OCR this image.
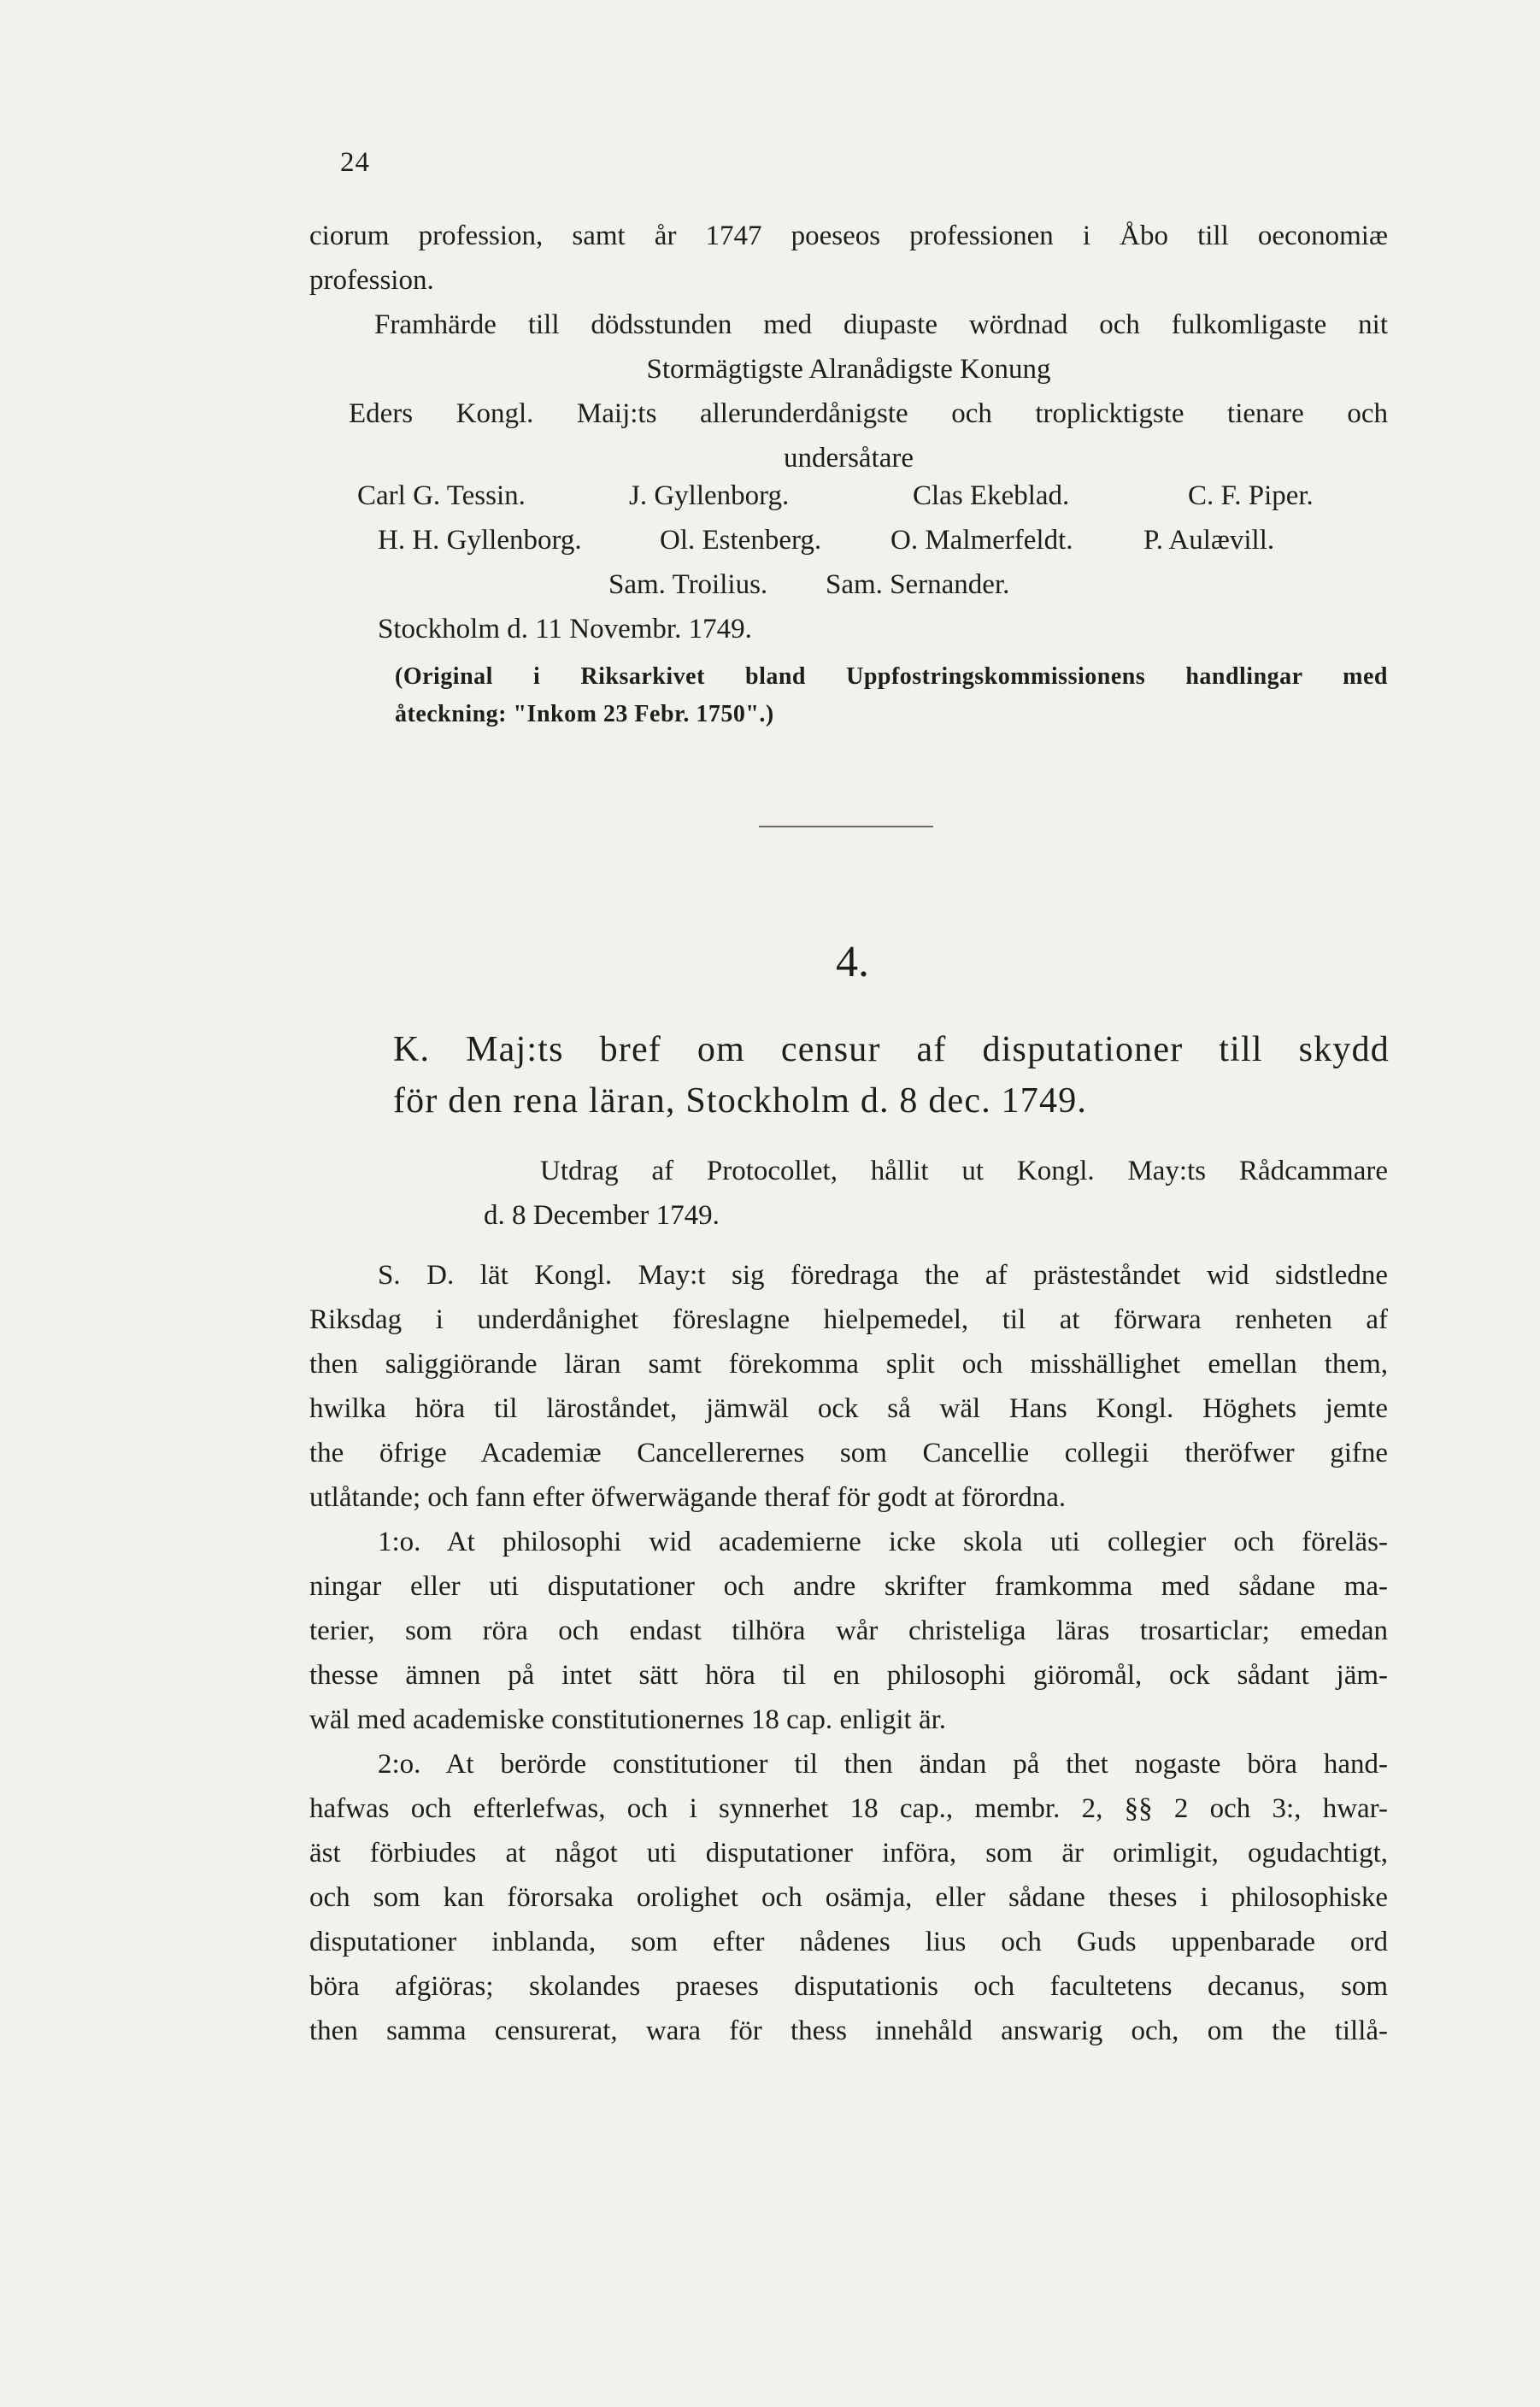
24

ciorum profession, samt år 1747 poeseos professionen i Åbo till oeconomiæ

profession.

Framhärde till dödsstunden med diupaste wördnad och fulkomligaste nit

Stormägtigste Alranådigste Konung

Eders Kongl. Maij:ts allerunderdånigste och troplicktigste tienare och

undersåtare

Carl G. Tessin.	J. Gyllenborg.	Clas Ekeblad.	C. F. Piper.
H. H. Gyllenborg.	Ol. Estenberg. O. Malmerfeldt. P. Aulævill.
Sam. Troilius. Sam. Sernander.
Stockholm d. 11 Novembr. 1749.

(Original i Riksarkivet bland Uppfostringskommissionens handlingar med

åteckning: "Inkom 23 Febr. 1750".)

4.

K. Maj:ts bref om censur af disputationer till skydd

för den rena läran, Stockholm d. 8 dec. 1749.

Utdrag af Protocollet, hållit ut Kongl. May:ts Rådcammare

d. 8 December 1749.

S. D. lät Kongl. May:t sig föredraga the af prästeståndet wid sidstledne

Riksdag i underdånighet föreslagne hielpemedel, til at förwara renheten af

then saliggiörande läran samt förekomma split och misshällighet emellan them,

hwilka höra til läroståndet, jämwäl ock så wäl Hans Kongl. Höghets jemte

the öfrige Academiæ Cancellerernes som Cancellie collegii theröfwer gifne

utlåtande; och fann efter öfwerwägande theraf för godt at förordna.

1:o. At philosophi wid academierne icke skola uti collegier och föreläs-

ningar eller uti disputationer och andre skrifter framkomma med sådane ma-

terier, som röra och endast tilhöra wår christeliga läras trosarticlar; emedan

thesse ämnen på intet sätt höra til en philosophi giöromål, ock sådant jäm-

wäl med academiske constitutionernes 18 cap. enligit är.

2:o. At berörde constitutioner til then ändan på thet nogaste böra hand-

hafwas och efterlefwas, och i synnerhet 18 cap., membr. 2, §§ 2 och 3:, hwar-

äst förbiudes at något uti disputationer införa, som är orimligit, ogudachtigt,

och som kan förorsaka orolighet och osämja, eller sådane theses i philosophiske

disputationer inblanda, som efter nådenes lius och Guds uppenbarade ord

böra afgiöras; skolandes praeses disputationis och facultetens decanus, som

then samma censurerat, wara för thess innehåld answarig och, om the tillå-
